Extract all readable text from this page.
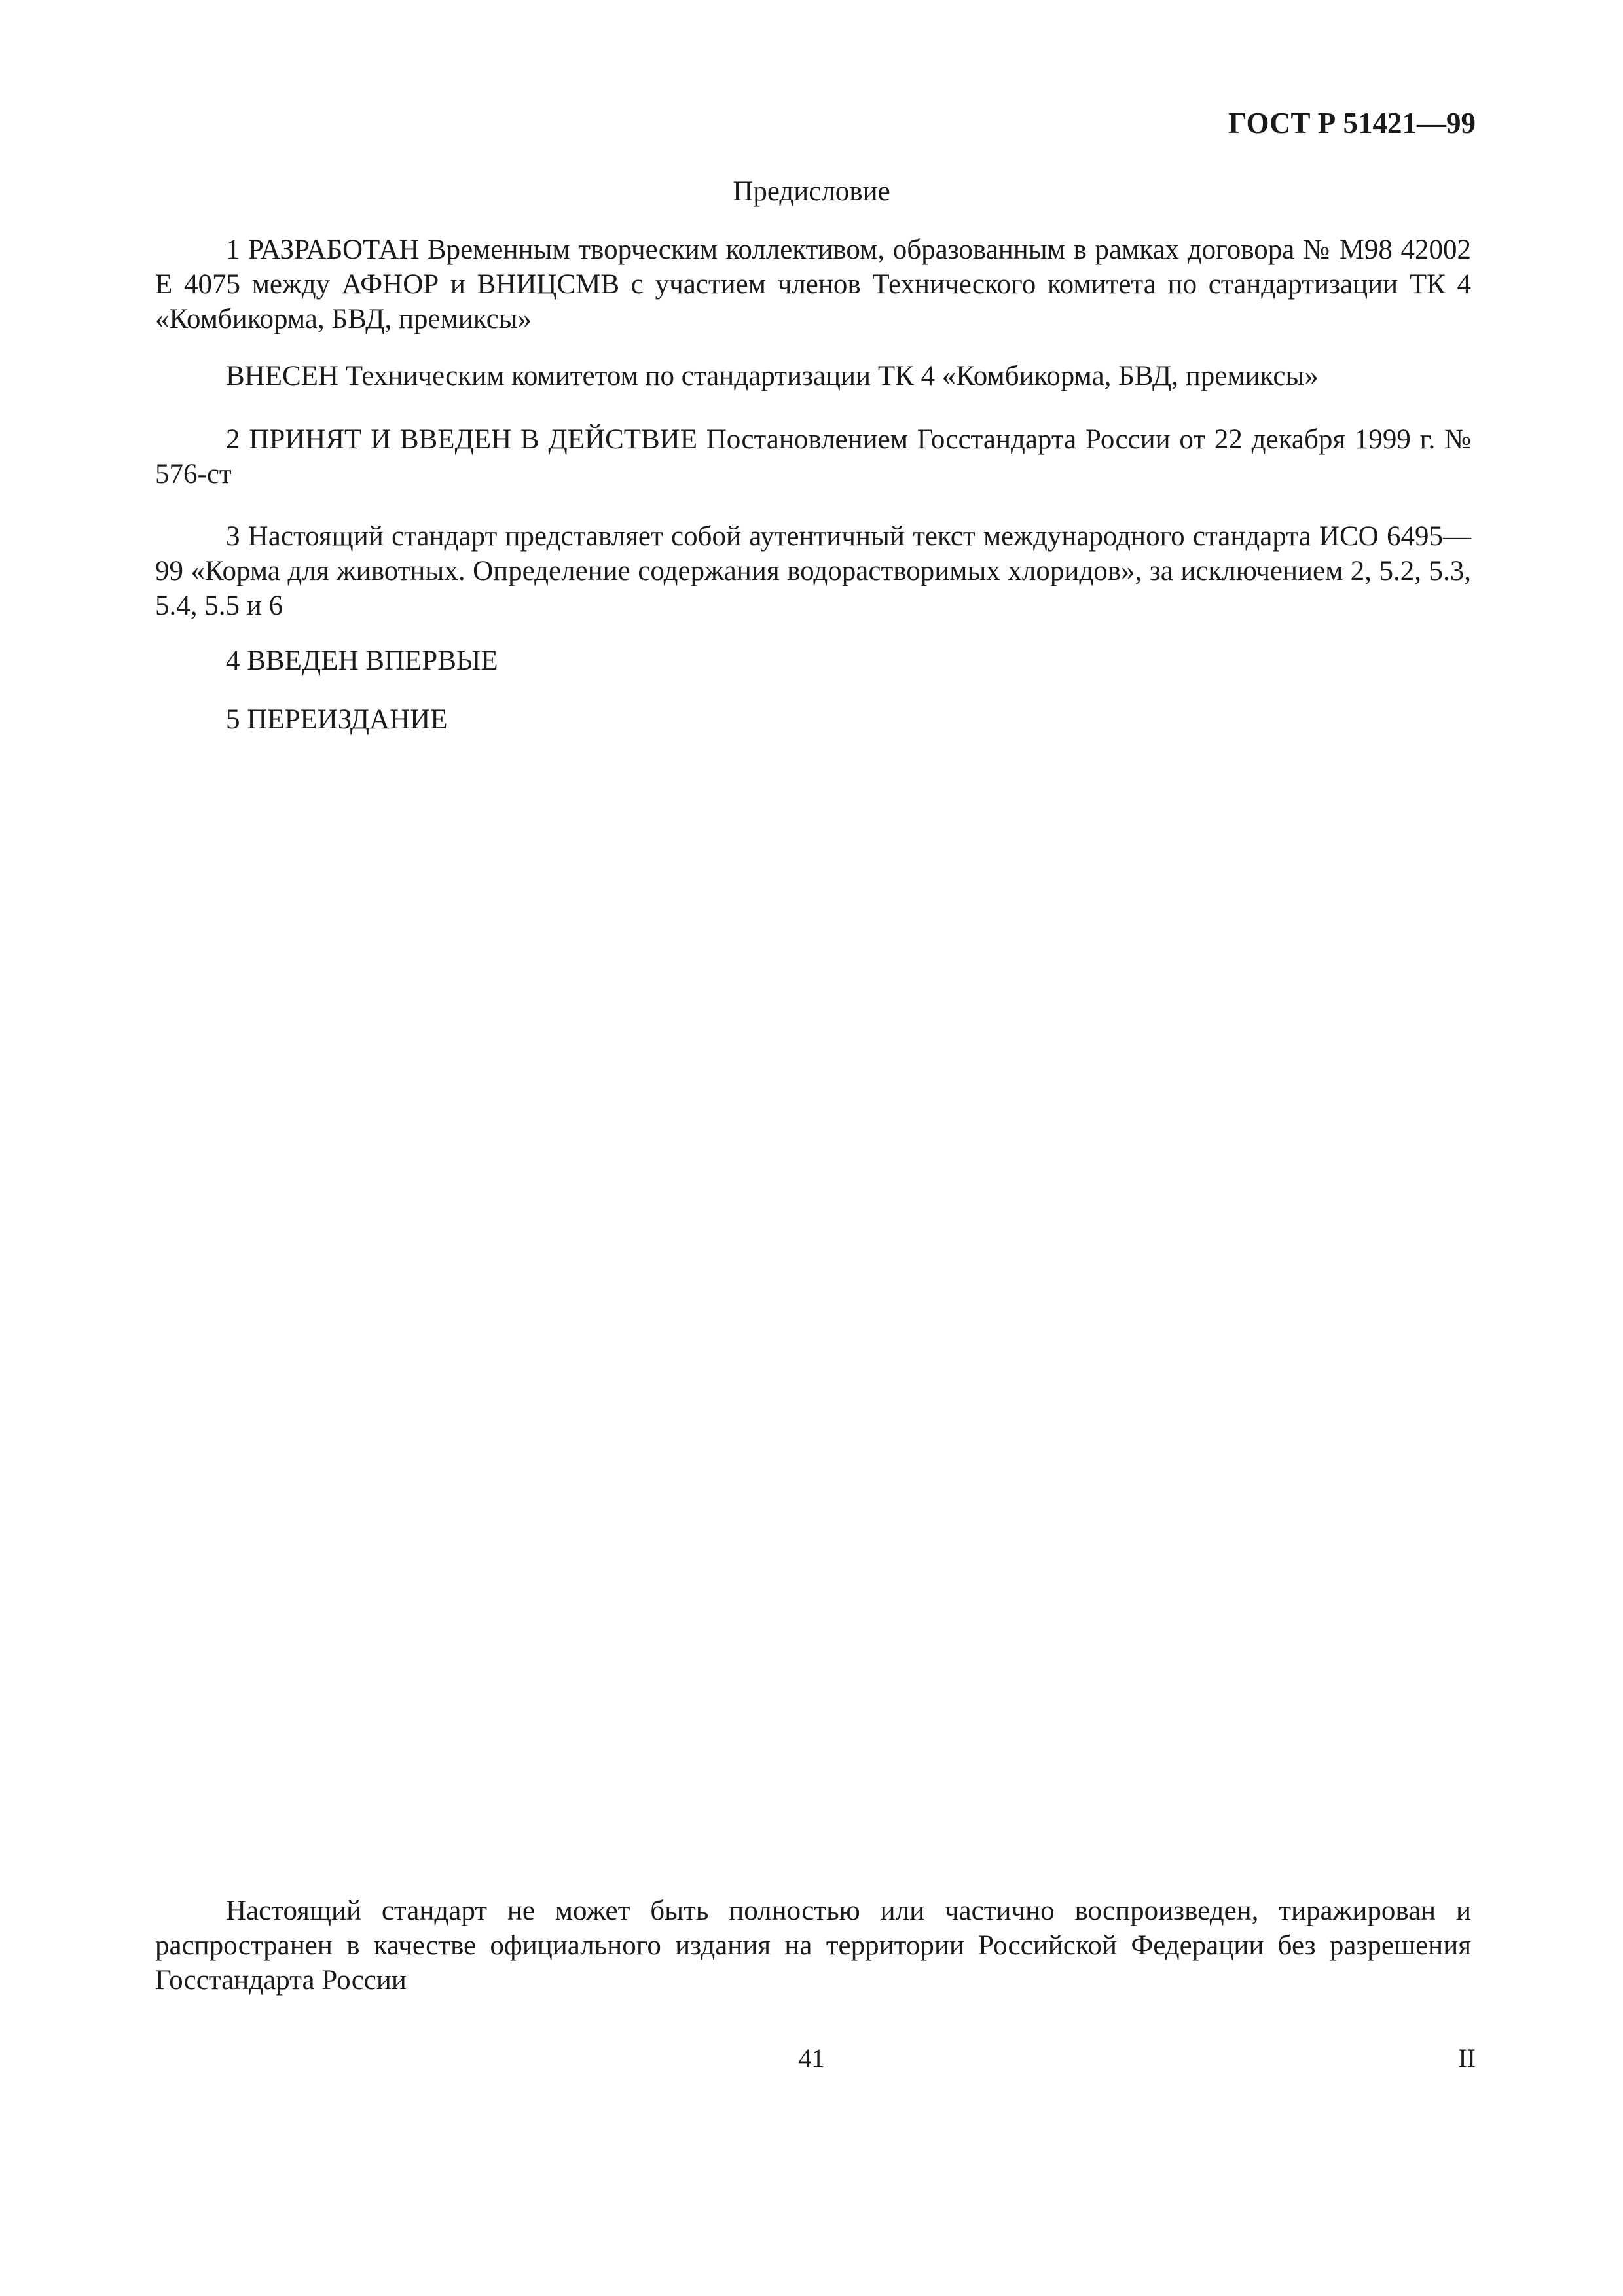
ГОСТ Р 51421—99
Предисловие

1 РАЗРАБОТАН Временным творческим коллективом, образованным в рамках договора № M98 42002 E 4075 между АФНОР и ВНИЦСМВ с участием членов Технического комитета по стандартизации ТК 4 «Комбикорма, БВД, премиксы»

ВНЕСЕН Техническим комитетом по стандартизации ТК 4 «Комбикорма, БВД, премиксы»

2 ПРИНЯТ И ВВЕДЕН В ДЕЙСТВИЕ Постановлением Госстандарта России от 22 декабря 1999 г. № 576-ст

3 Настоящий стандарт представляет собой аутентичный текст международного стандарта ИСО 6495—99 «Корма для животных. Определение содержания водорастворимых хлоридов», за исключением 2, 5.2, 5.3, 5.4, 5.5 и 6

4 ВВЕДЕН ВПЕРВЫЕ

5 ПЕРЕИЗДАНИЕ

Настоящий стандарт не может быть полностью или частично воспроизведен, тиражирован и распространен в качестве официального издания на территории Российской Федерации без разрешения Госстандарта России

41	II
